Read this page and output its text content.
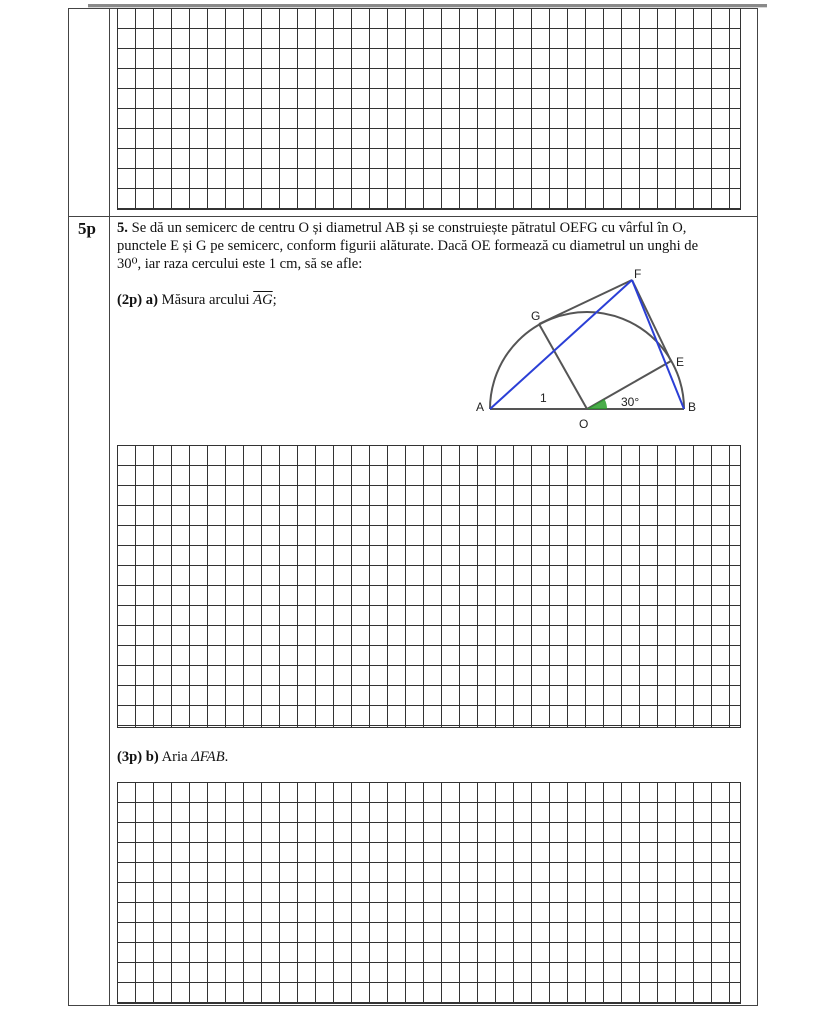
5p 5. Se dă un semicerc de centru O și diametrul AB și se construiește pătratul OEFG cu vârful în O,
punctele E și G pe semicerc, conform figurii alăturate. Dacă OE formează cu diametrul un unghi de
30⁰, iar raza cercului este 1 cm, să se afle:
(2p) a) Măsura arcului $\overline{AG}$;
(3p) b) Aria ΔFAB.
A	B
O
E
F
G
1	30°
